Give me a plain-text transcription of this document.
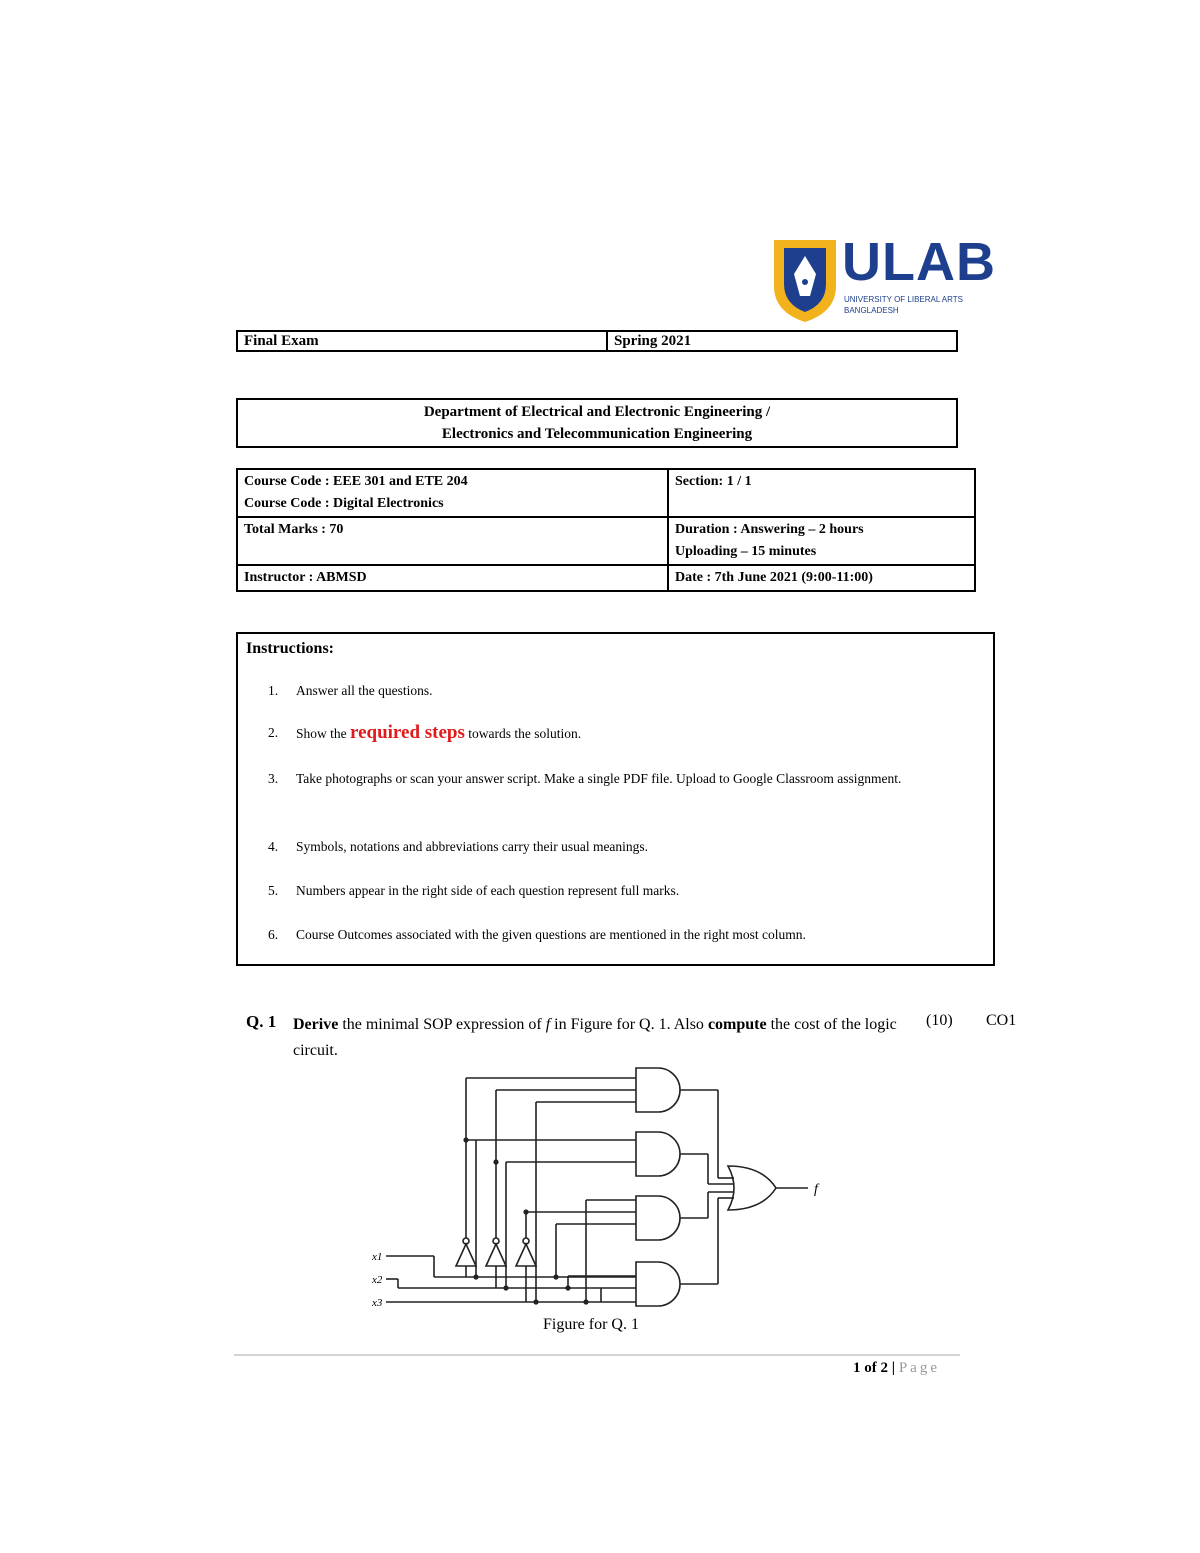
ULAB
UNIVERSITY OF LIBERAL ARTS BANGLADESH
Final Exam	Spring 2021
Department of Electrical and Electronic Engineering /
Electronics and Telecommunication Engineering
Course Code : EEE 301 and ETE 204
Course Code : Digital Electronics	Section: 1 / 1

Total Marks : 70	Duration : Answering – 2 hours
Uploading – 15 minutes

Instructor : ABMSD	Date : 7th June 2021 (9:00-11:00)
Instructions:
1. Answer all the questions.
2. Show the required steps towards the solution.
3. Take photographs or scan your answer script. Make a single PDF file. Upload to Google Classroom assignment.
4. Symbols, notations and abbreviations carry their usual meanings.
5. Numbers appear in the right side of each question represent full marks.
6. Course Outcomes associated with the given questions are mentioned in the right most column.
Q. 1 Derive the minimal SOP expression of f in Figure for Q. 1. Also compute the cost of the logic circuit.
(10) CO1
f
x1
x2
x3
Figure for Q. 1
1 of 2 | Page
